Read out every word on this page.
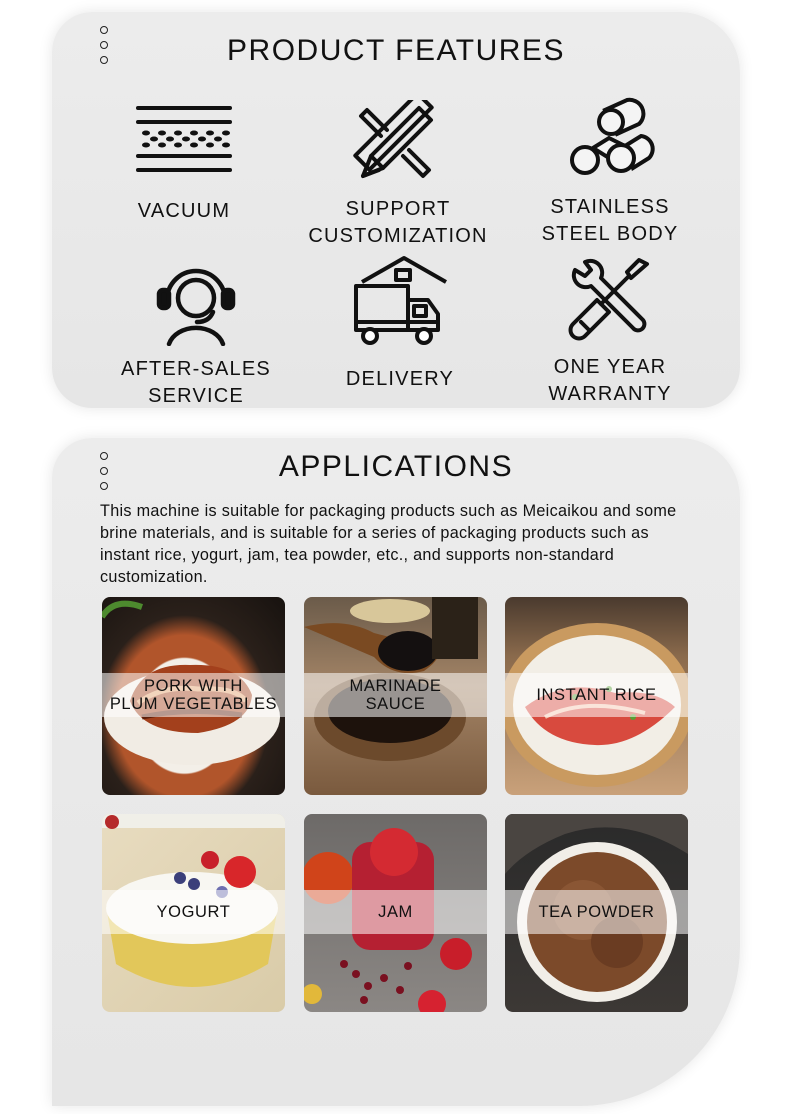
PRODUCT FEATURES
VACUUM	SUPPORT
CUSTOMIZATION
STAINLESS
STEEL BODY
AFTER-SALES
SERVICE
DELIVERY
ONE YEAR
WARRANTY
APPLICATIONS

This machine is suitable for packaging products such as Meicaikou and some brine materials, and is suitable for a series of packaging products such as instant rice, yogurt, jam, tea powder, etc., and supports non-standard customization.

PORK WITH
PLUM VEGETABLES
MARINADE
SAUCE	INSTANT RICE
YOGURT	JAM	TEA POWDER
